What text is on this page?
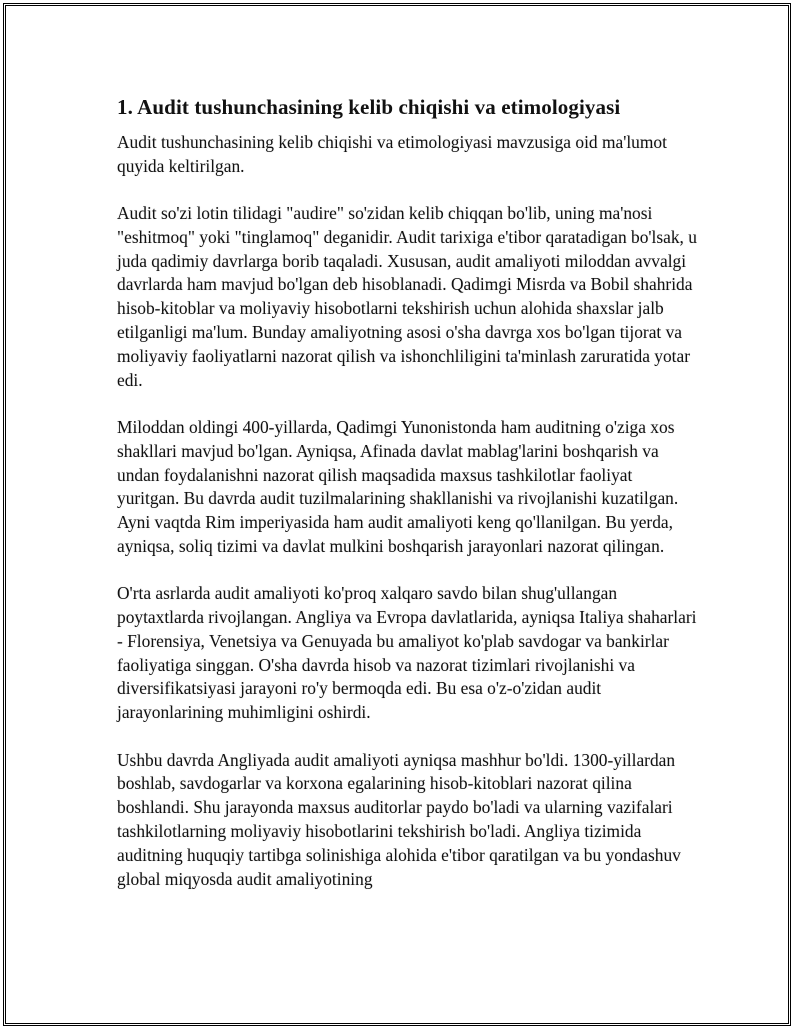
1. Audit tushunchasining kelib chiqishi va etimologiyasi

Audit tushunchasining kelib chiqishi va etimologiyasi mavzusiga oid ma'lumot quyida keltirilgan.

Audit so'zi lotin tilidagi "audire" so'zidan kelib chiqqan bo'lib, uning ma'nosi "eshitmoq" yoki "tinglamoq" deganidir. Audit tarixiga e'tibor qaratadigan bo'lsak, u juda qadimiy davrlarga borib taqaladi. Xususan, audit amaliyoti miloddan avvalgi davrlarda ham mavjud bo'lgan deb hisoblanadi. Qadimgi Misrda va Bobil shahrida hisob-kitoblar va moliyaviy hisobotlarni tekshirish uchun alohida shaxslar jalb etilganligi ma'lum. Bunday amaliyotning asosi o'sha davrga xos bo'lgan tijorat va moliyaviy faoliyatlarni nazorat qilish va ishonchliligini ta'minlash zaruratida yotar edi.

Miloddan oldingi 400-yillarda, Qadimgi Yunonistonda ham auditning o'ziga xos shakllari mavjud bo'lgan. Ayniqsa, Afinada davlat mablag'larini boshqarish va undan foydalanishni nazorat qilish maqsadida maxsus tashkilotlar faoliyat yuritgan. Bu davrda audit tuzilmalarining shakllanishi va rivojlanishi kuzatilgan. Ayni vaqtda Rim imperiyasida ham audit amaliyoti keng qo'llanilgan. Bu yerda, ayniqsa, soliq tizimi va davlat mulkini boshqarish jarayonlari nazorat qilingan.

O'rta asrlarda audit amaliyoti ko'proq xalqaro savdo bilan shug'ullangan poytaxtlarda rivojlangan. Angliya va Evropa davlatlarida, ayniqsa Italiya shaharlari - Florensiya, Venetsiya va Genuyada bu amaliyot ko'plab savdogar va bankirlar faoliyatiga singgan. O'sha davrda hisob va nazorat tizimlari rivojlanishi va diversifikatsiyasi jarayoni ro'y bermoqda edi. Bu esa o'z-o'zidan audit jarayonlarining muhimligini oshirdi.

Ushbu davrda Angliyada audit amaliyoti ayniqsa mashhur bo'ldi. 1300-yillardan boshlab, savdogarlar va korxona egalarining hisob-kitoblari nazorat qilina boshlandi. Shu jarayonda maxsus auditorlar paydo bo'ladi va ularning vazifalari tashkilotlarning moliyaviy hisobotlarini tekshirish bo'ladi. Angliya tizimida auditning huquqiy tartibga solinishiga alohida e'tibor qaratilgan va bu yondashuv global miqyosda audit amaliyotining
